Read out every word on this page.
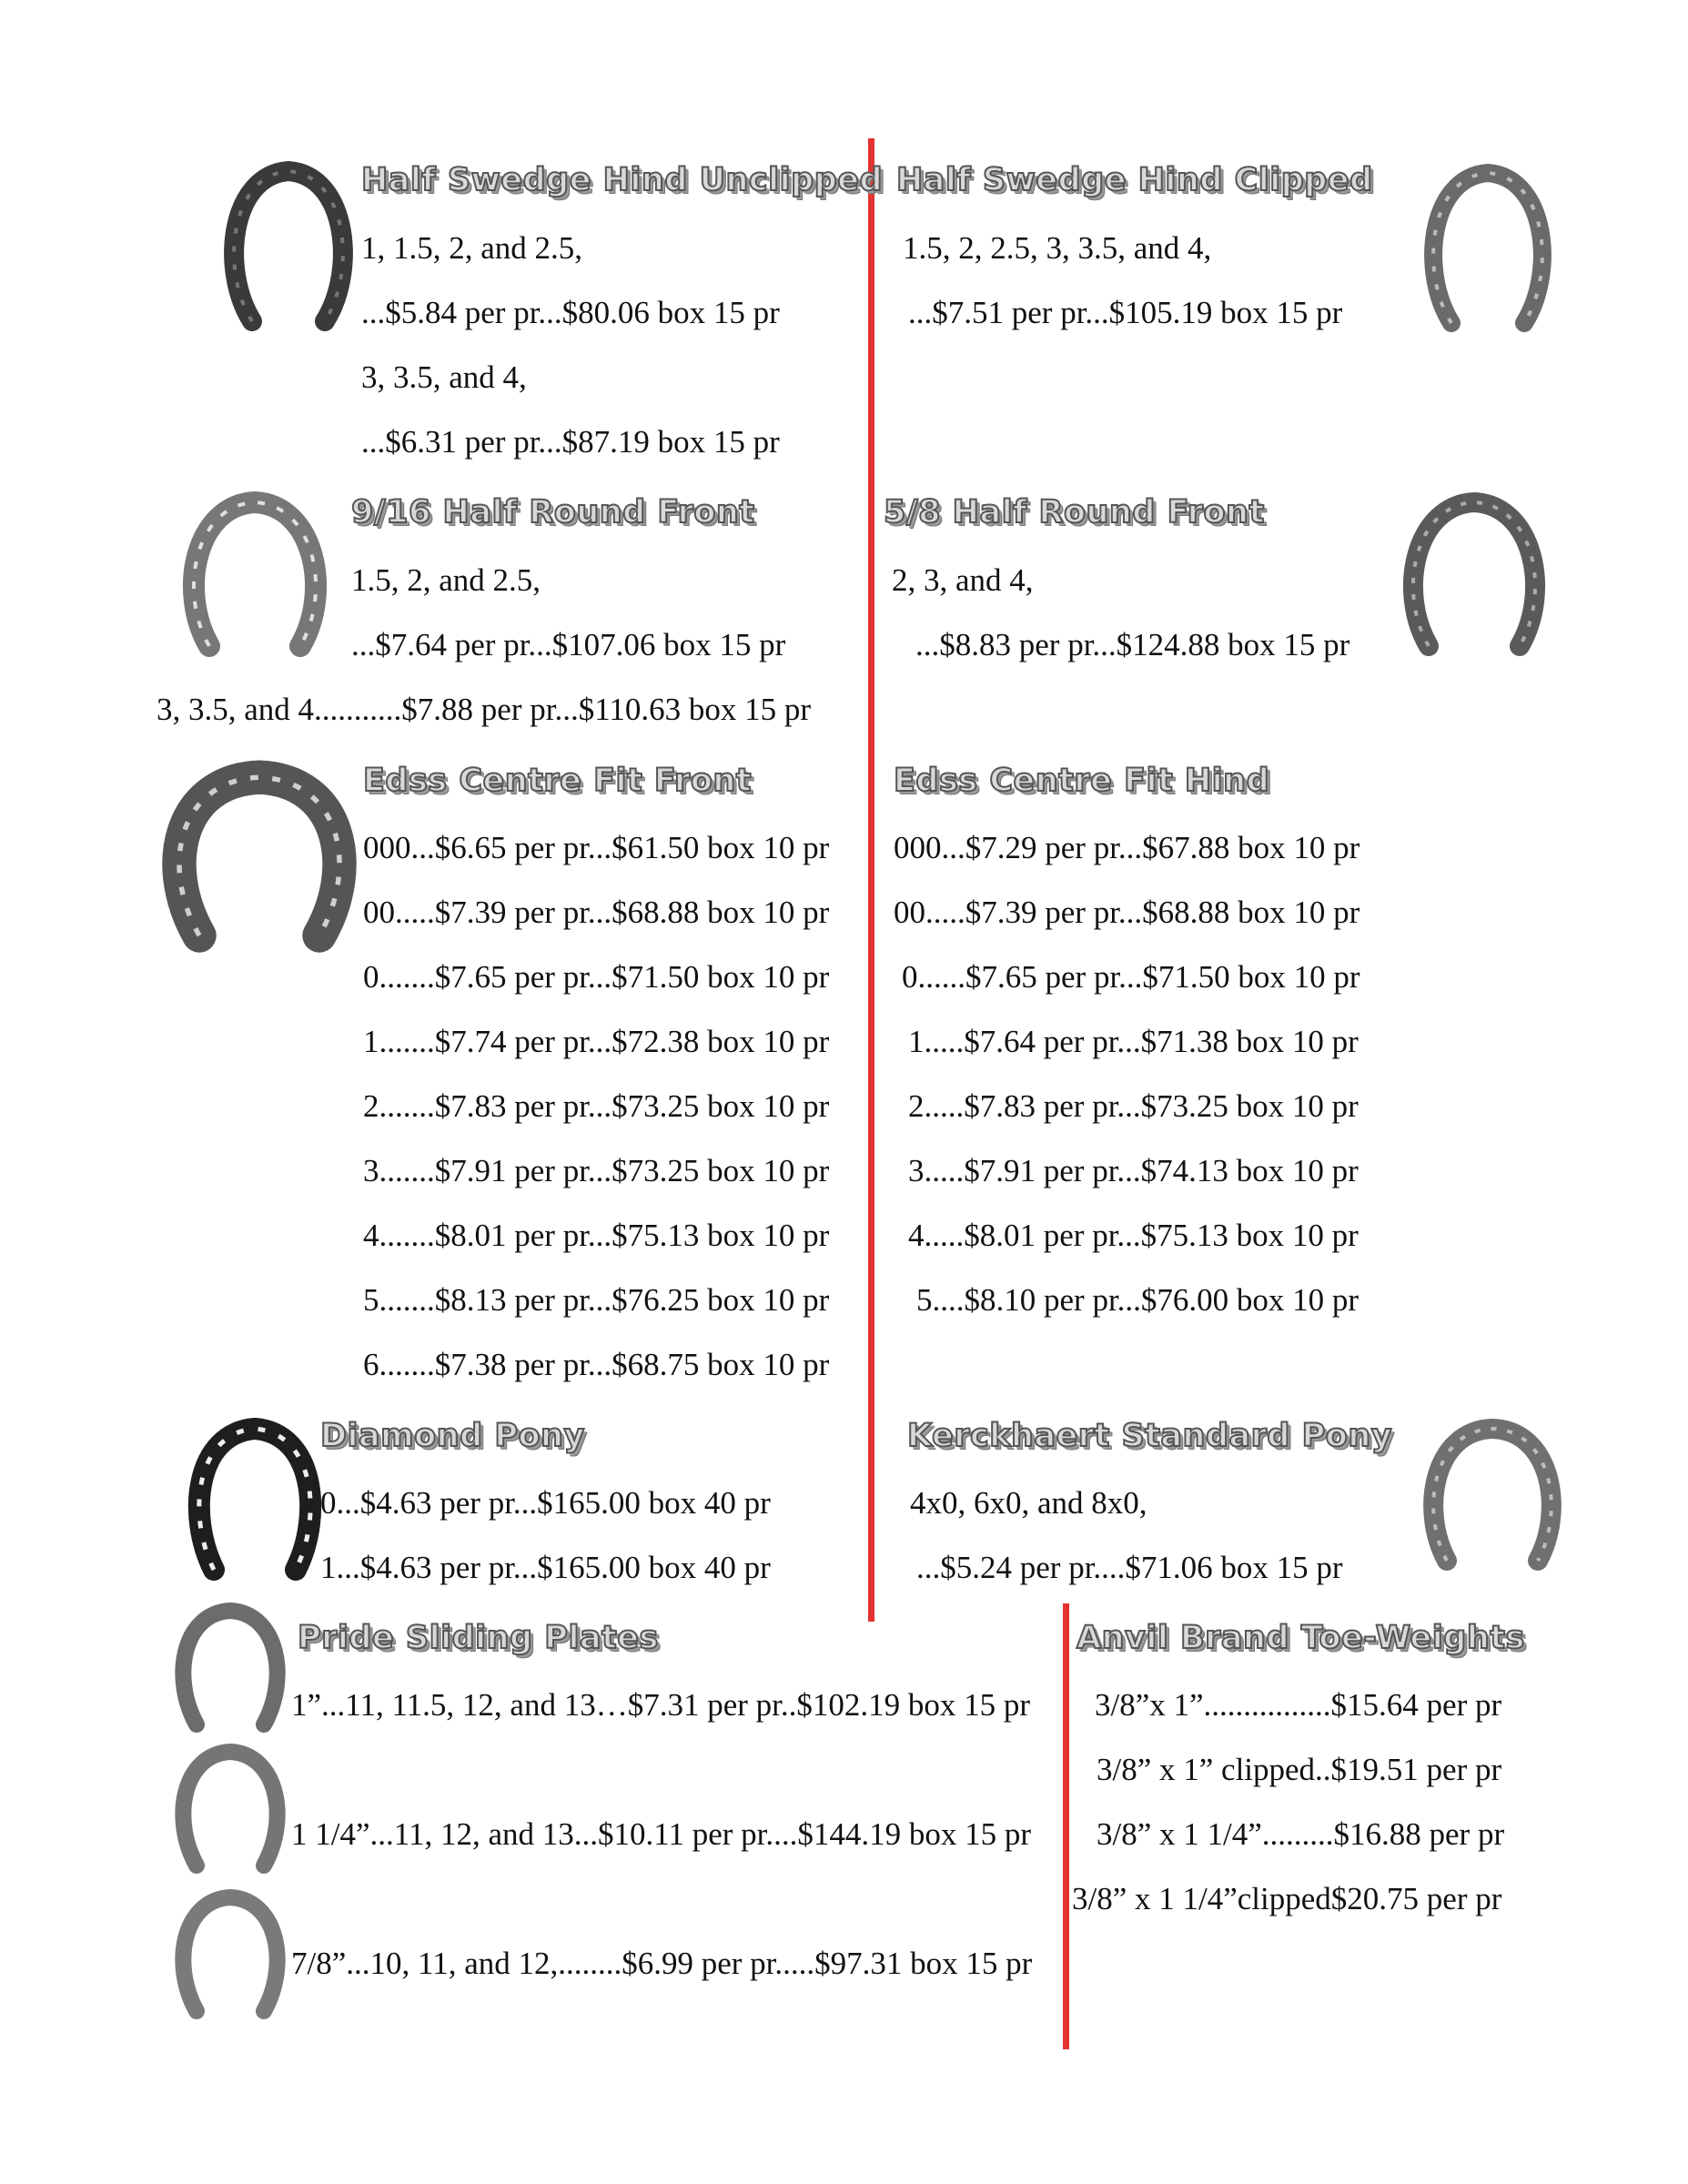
Half Swedge Hind Unclipped
1, 1.5, 2, and 2.5,
...$5.84 per pr...$80.06 box 15 pr
3, 3.5, and 4,
...$6.31 per pr...$87.19 box 15 pr
Half Swedge Hind Clipped
1.5, 2, 2.5, 3, 3.5, and 4,
...$7.51 per pr...$105.19 box 15 pr
9/16 Half Round Front
1.5, 2, and 2.5,
...$7.64 per pr...$107.06 box 15 pr
3, 3.5, and 4...........$7.88 per pr...$110.63 box 15 pr
5/8 Half Round Front
2, 3, and 4,
...$8.83 per pr...$124.88 box 15 pr
Edss Centre Fit Front
000...$6.65 per pr...$61.50 box 10 pr
00.....$7.39 per pr...$68.88 box 10 pr
0.......$7.65 per pr...$71.50 box 10 pr
1.......$7.74 per pr...$72.38 box 10 pr
2.......$7.83 per pr...$73.25 box 10 pr
3.......$7.91 per pr...$73.25 box 10 pr
4.......$8.01 per pr...$75.13 box 10 pr
5.......$8.13 per pr...$76.25 box 10 pr
6.......$7.38 per pr...$68.75 box 10 pr
Edss Centre Fit Hind
000...$7.29 per pr...$67.88 box 10 pr
00.....$7.39 per pr...$68.88 box 10 pr
0......$7.65 per pr...$71.50 box 10 pr
1.....$7.64 per pr...$71.38 box 10 pr
2.....$7.83 per pr...$73.25 box 10 pr
3.....$7.91 per pr...$74.13 box 10 pr
4.....$8.01 per pr...$75.13 box 10 pr
5....$8.10 per pr...$76.00 box 10 pr
Diamond Pony
0...$4.63 per pr...$165.00 box 40 pr
1...$4.63 per pr...$165.00 box 40 pr
Kerckhaert Standard Pony
4x0, 6x0, and 8x0,
...$5.24 per pr....$71.06 box 15 pr
Pride Sliding Plates
1”...11, 11.5, 12, and 13…$7.31 per pr..$102.19 box 15 pr
1 1/4”...11, 12, and 13...$10.11 per pr....$144.19 box 15 pr
7/8”...10, 11, and 12,........$6.99 per pr.....$97.31 box 15 pr
Anvil Brand Toe-Weights
3/8”x 1”................$15.64 per pr
3/8” x 1” clipped..$19.51 per pr
3/8” x 1 1/4”.........$16.88 per pr
3/8” x 1 1/4”clipped$20.75 per pr
